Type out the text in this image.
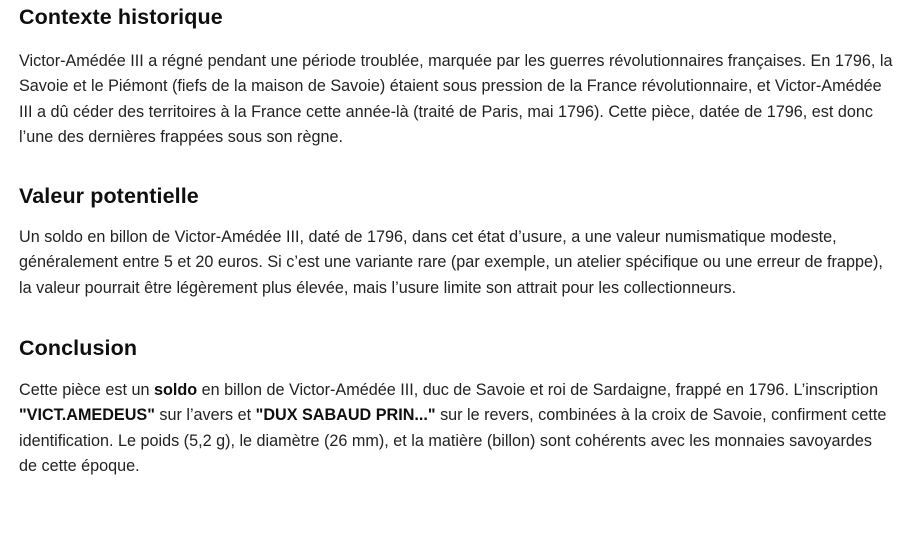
Contexte historique

Victor-Amédée III a régné pendant une période troublée, marquée par les guerres révolutionnaires françaises. En 1796, la Savoie et le Piémont (fiefs de la maison de Savoie) étaient sous pression de la France révolutionnaire, et Victor-Amédée III a dû céder des territoires à la France cette année-là (traité de Paris, mai 1796). Cette pièce, datée de 1796, est donc l’une des dernières frappées sous son règne.

Valeur potentielle

Un soldo en billon de Victor-Amédée III, daté de 1796, dans cet état d’usure, a une valeur numismatique modeste, généralement entre 5 et 20 euros. Si c’est une variante rare (par exemple, un atelier spécifique ou une erreur de frappe), la valeur pourrait être légèrement plus élevée, mais l’usure limite son attrait pour les collectionneurs.

Conclusion

Cette pièce est un soldo en billon de Victor-Amédée III, duc de Savoie et roi de Sardaigne, frappé en 1796. L’inscription "VICT.AMEDEUS" sur l’avers et "DUX SABAUD PRIN..." sur le revers, combinées à la croix de Savoie, confirment cette identification. Le poids (5,2 g), le diamètre (26 mm), et la matière (billon) sont cohérents avec les monnaies savoyardes de cette époque.
